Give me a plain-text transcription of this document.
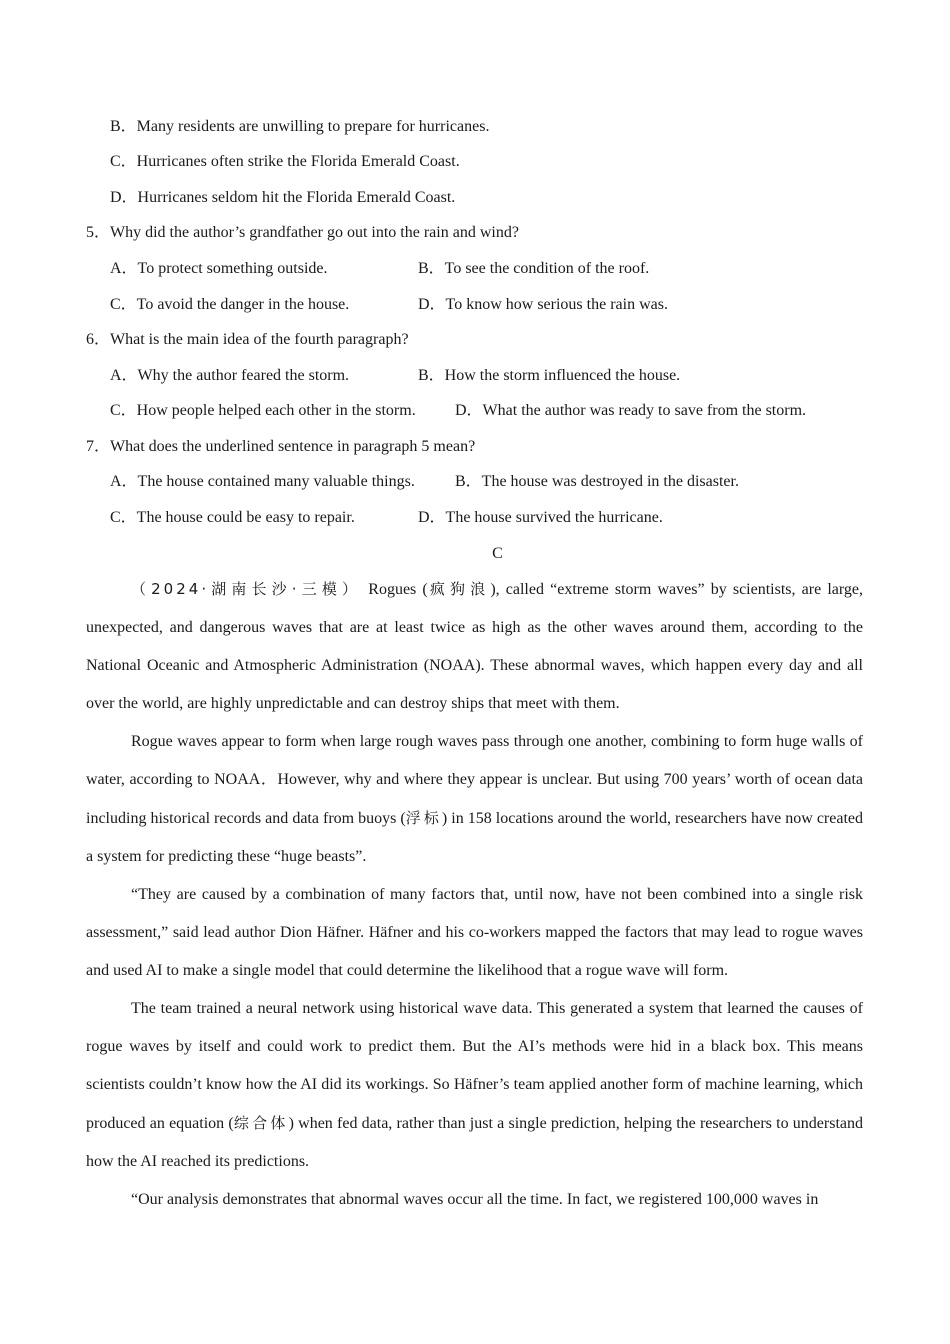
B．Many residents are unwilling to prepare for hurricanes.
C．Hurricanes often strike the Florida Emerald Coast.
D．Hurricanes seldom hit the Florida Emerald Coast.
5．Why did the author’s grandfather go out into the rain and wind?
A．To protect something outside.	B．To see the condition of the roof.
C．To avoid the danger in the house.	D．To know how serious the rain was.
6．What is the main idea of the fourth paragraph?
A．Why the author feared the storm.	B．How the storm influenced the house.
C．How people helped each other in the storm. D．What the author was ready to save from the storm.
7．What does the underlined sentence in paragraph 5 mean?
A．The house contained many valuable things.	B．The house was destroyed in the disaster.
C．The house could be easy to repair.	D．The house survived the hurricane.
C

（2024·湖南长沙·三模） Rogues (疯狗浪), called “extreme storm waves” by scientists, are large, unexpected, and dangerous waves that are at least twice as high as the other waves around them, according to the National Oceanic and Atmospheric Administration (NOAA). These abnormal waves, which happen every day and all over the world, are highly unpredictable and can destroy ships that meet with them.

Rogue waves appear to form when large rough waves pass through one another, combining to form huge walls of water, according to NOAA．However, why and where they appear is unclear. But using 700 years’ worth of ocean data including historical records and data from buoys (浮标) in 158 locations around the world, researchers have now created a system for predicting these “huge beasts”.

“They are caused by a combination of many factors that, until now, have not been combined into a single risk assessment,” said lead author Dion Häfner. Häfner and his co-workers mapped the factors that may lead to rogue waves and used AI to make a single model that could determine the likelihood that a rogue wave will form.

The team trained a neural network using historical wave data. This generated a system that learned the causes of rogue waves by itself and could work to predict them. But the AI’s methods were hid in a black box. This means scientists couldn’t know how the AI did its workings. So Häfner’s team applied another form of machine learning, which produced an equation (综合体) when fed data, rather than just a single prediction, helping the researchers to understand how the AI reached its predictions.

“Our analysis demonstrates that abnormal waves occur all the time. In fact, we registered 100,000 waves in
